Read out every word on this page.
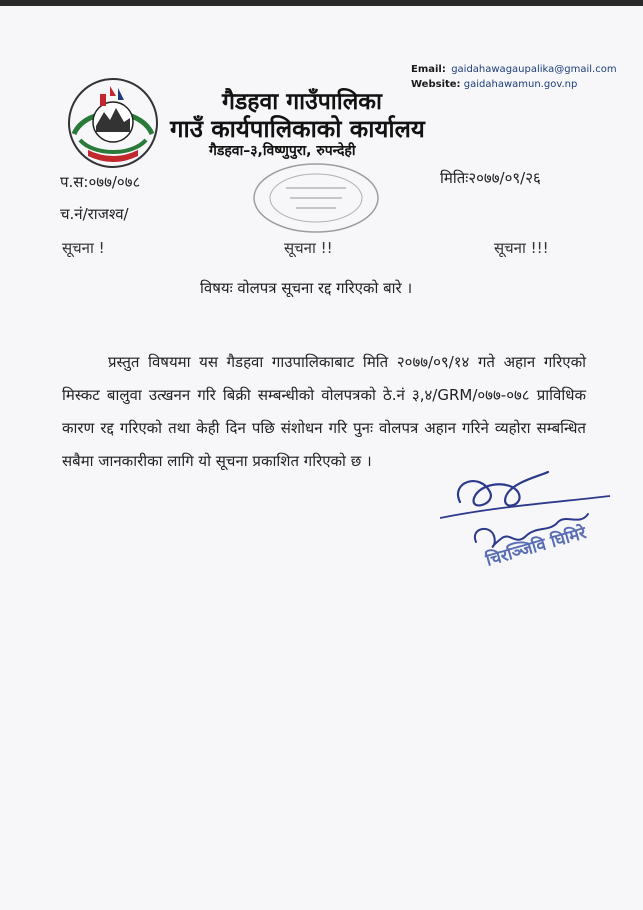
Email: gaidahawagaupalika@gmail.com
Website: gaidahawamun.gov.np
गैडहवा गाउँपालिका
गाउँ कार्यपालिकाको कार्यालय
गैडहवा–३,विष्णुपुरा, रुपन्देही
प.स:०७७/०७८
च.नं/राजश्व/
मितिः२०७७/०९/२६
सूचना !	सूचना !!	सूचना !!!
विषयः वोलपत्र सूचना रद्द गरिएको बारे ।

प्रस्तुत विषयमा यस गैडहवा गाउपालिकाबाट मिति २०७७/०९/१४ गते अहान गरिएको मिस्कट बालुवा उत्खनन गरि बिक्री सम्बन्धीको वोलपत्रको ठे.नं ३,४/GRM/०७७-०७८ प्राविधिक कारण रद्द गरिएको तथा केही दिन पछि संशोधन गरि पुनः वोलपत्र अहान गरिने व्यहोरा सम्बन्धित सबैमा जानकारीका लागि यो सूचना प्रकाशित गरिएको छ ।

चिरञ्जिवि घिमिरे
